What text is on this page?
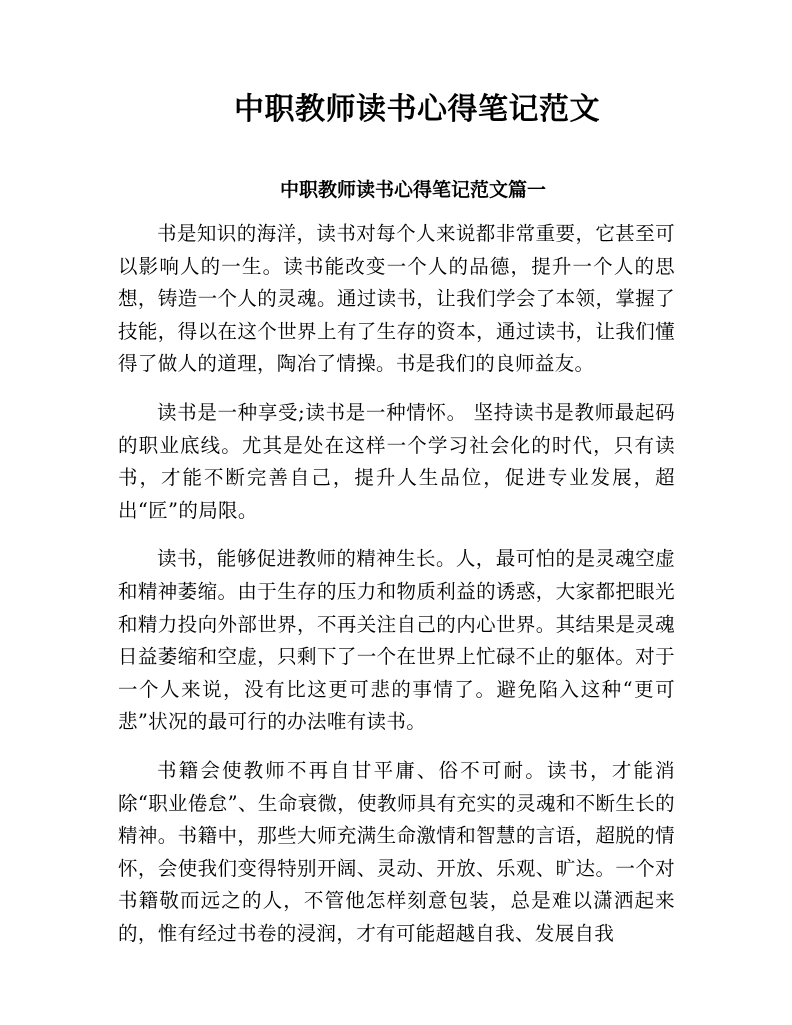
中职教师读书心得笔记范文
中职教师读书心得笔记范文篇一

书是知识的海洋，读书对每个人来说都非常重要，它甚至可以影响人的一生。读书能改变一个人的品德，提升一个人的思想，铸造一个人的灵魂。通过读书，让我们学会了本领，掌握了技能，得以在这个世界上有了生存的资本，通过读书，让我们懂得了做人的道理，陶冶了情操。书是我们的良师益友。

读书是一种享受;读书是一种情怀。 坚持读书是教师最起码的职业底线。尤其是处在这样一个学习社会化的时代，只有读书，才能不断完善自己，提升人生品位，促进专业发展，超出“匠”的局限。

读书，能够促进教师的精神生长。人，最可怕的是灵魂空虚和精神萎缩。由于生存的压力和物质利益的诱惑，大家都把眼光和精力投向外部世界，不再关注自己的内心世界。其结果是灵魂日益萎缩和空虚，只剩下了一个在世界上忙碌不止的躯体。对于一个人来说，没有比这更可悲的事情了。避免陷入这种“更可悲”状况的最可行的办法唯有读书。

书籍会使教师不再自甘平庸、俗不可耐。读书，才能消除“职业倦怠”、生命衰微，使教师具有充实的灵魂和不断生长的精神。书籍中，那些大师充满生命激情和智慧的言语，超脱的情怀，会使我们变得特别开阔、灵动、开放、乐观、旷达。一个对书籍敬而远之的人，不管他怎样刻意包装，总是难以潇洒起来的，惟有经过书卷的浸润，才有可能超越自我、发展自我
